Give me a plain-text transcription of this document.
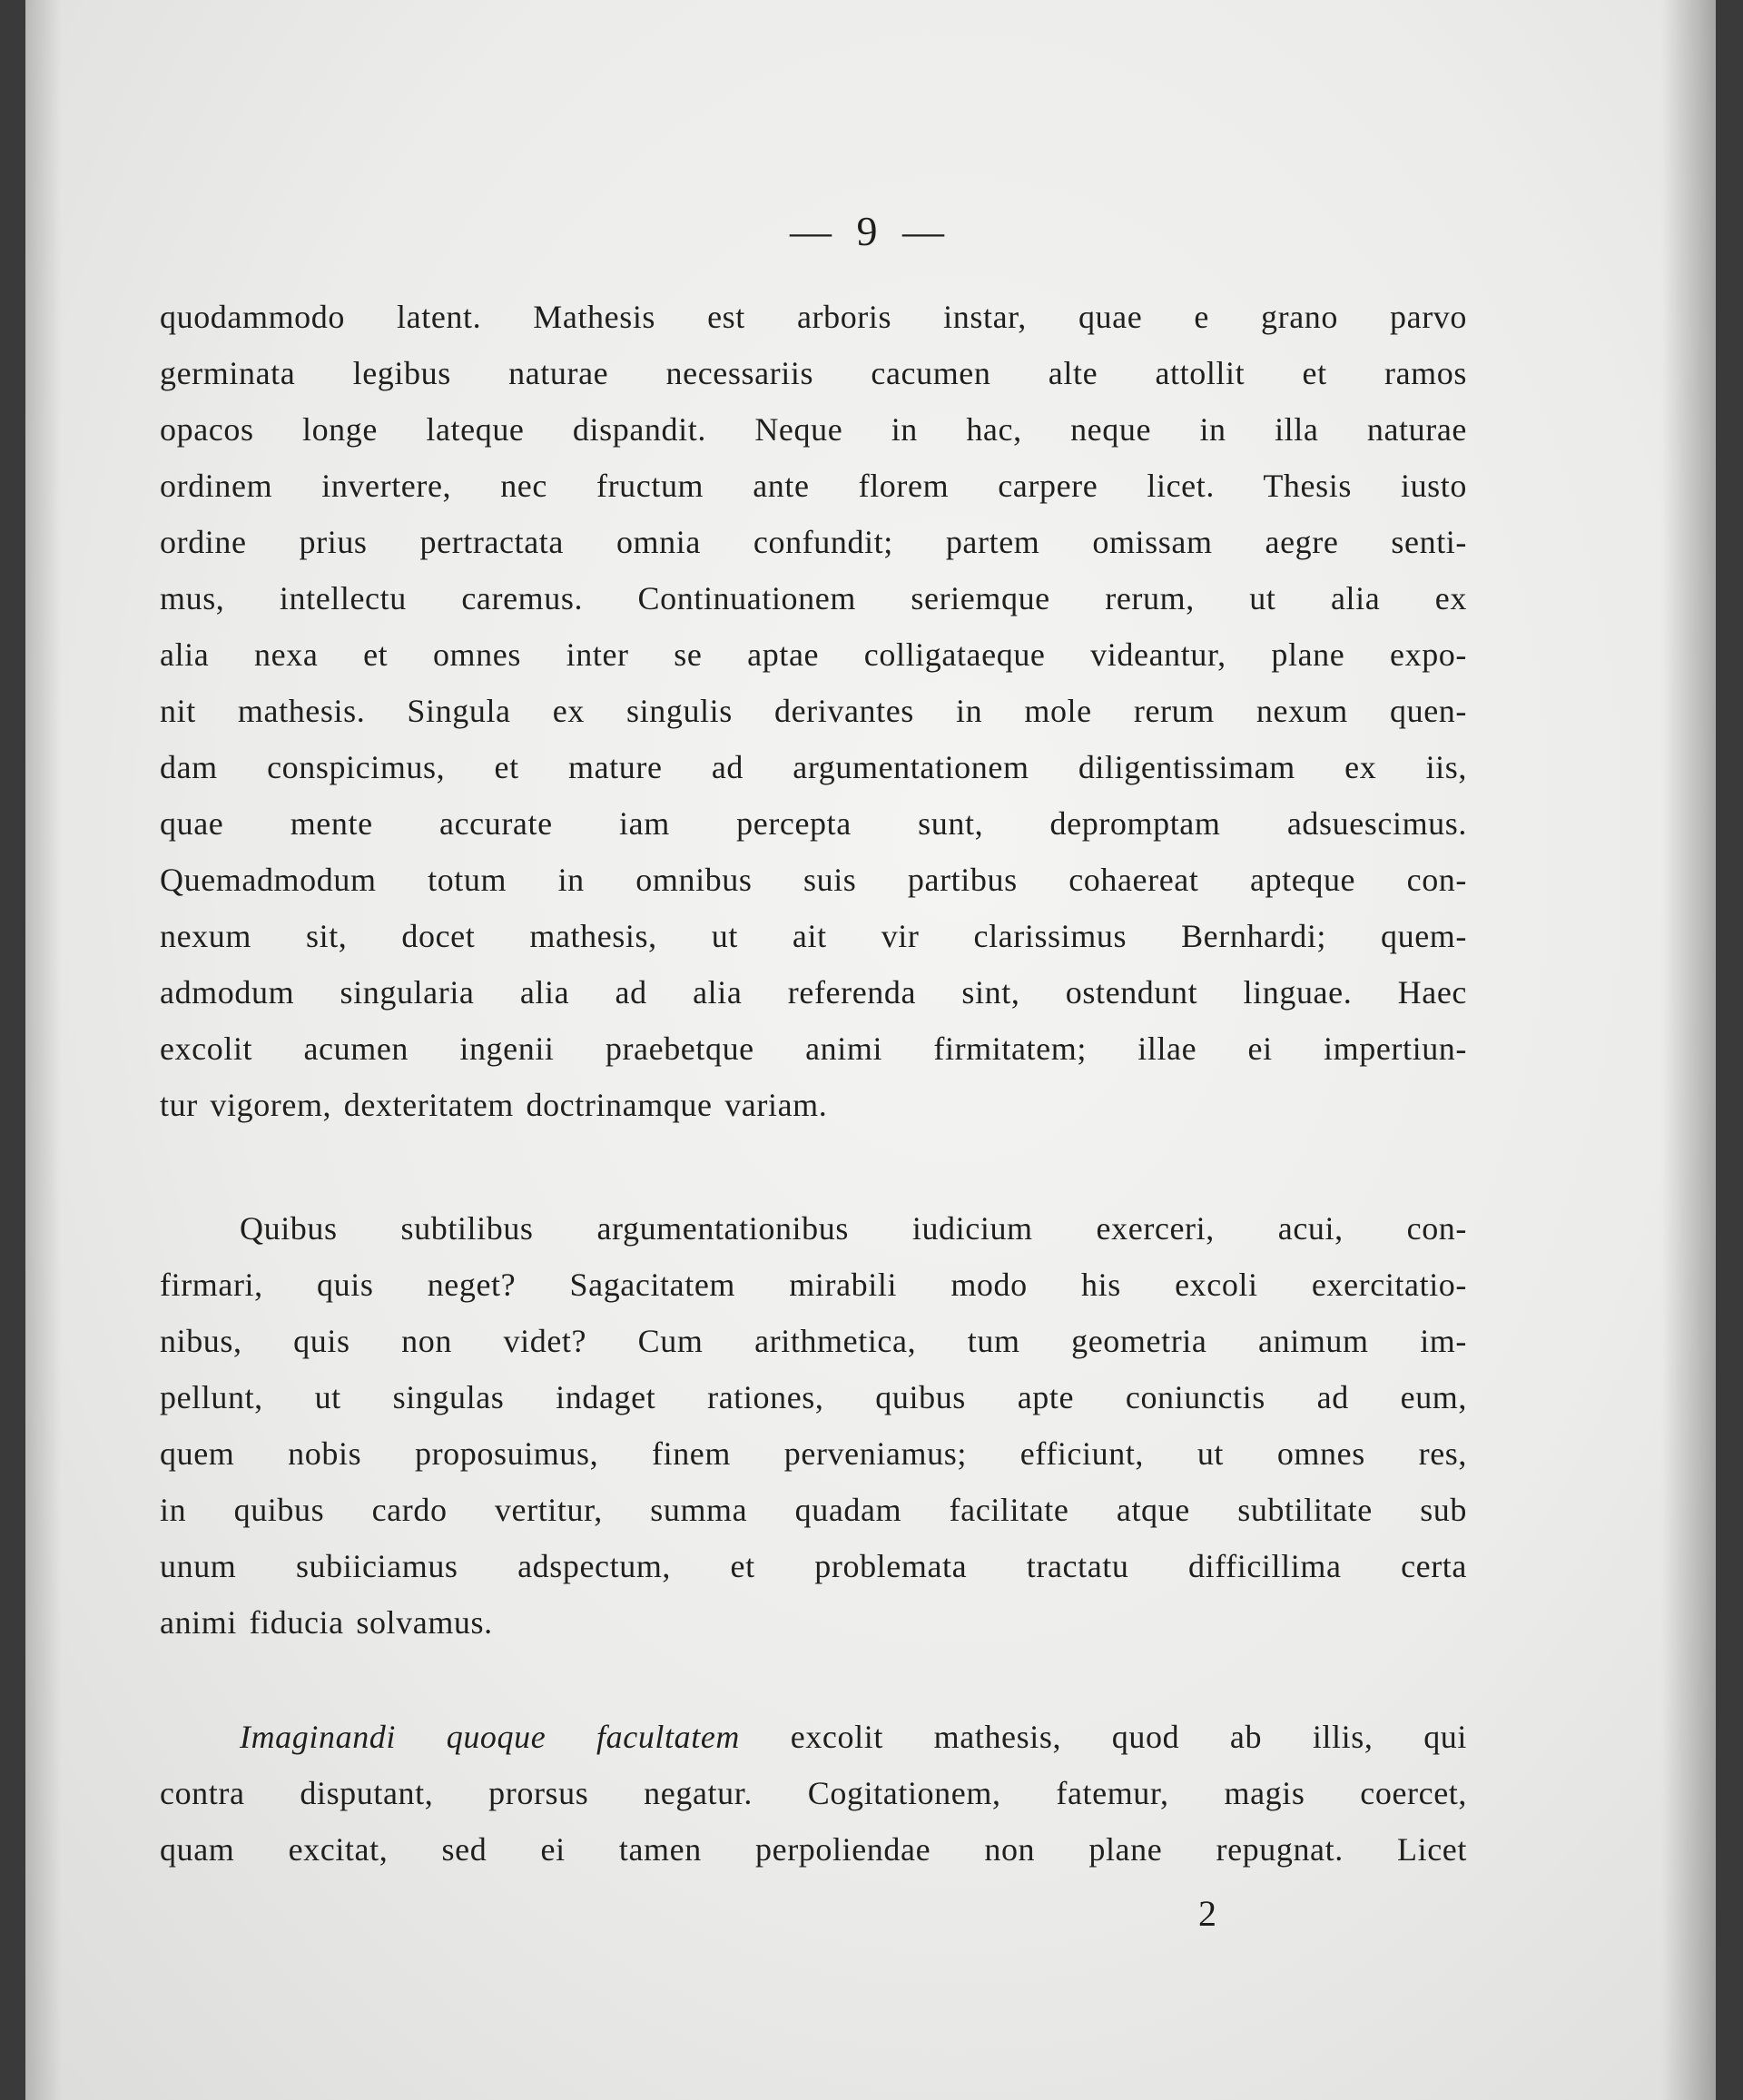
— 9 —
quodammodo latent. Mathesis est arboris instar, quae e grano parvo
germinata legibus naturae necessariis cacumen alte attollit et ramos
opacos longe lateque dispandit. Neque in hac, neque in illa naturae
ordinem invertere, nec fructum ante florem carpere licet. Thesis iusto
ordine prius pertractata omnia confundit; partem omissam aegre senti-
mus, intellectu caremus. Continuationem seriemque rerum, ut alia ex
alia nexa et omnes inter se aptae colligataeque videantur, plane expo-
nit mathesis. Singula ex singulis derivantes in mole rerum nexum quen-
dam conspicimus, et mature ad argumentationem diligentissimam ex iis,
quae mente accurate iam percepta sunt, depromptam adsuescimus.
Quemadmodum totum in omnibus suis partibus cohaereat apteque con-
nexum sit, docet mathesis, ut ait vir clarissimus Bernhardi; quem-
admodum singularia alia ad alia referenda sint, ostendunt linguae. Haec
excolit acumen ingenii praebetque animi firmitatem; illae ei impertiun-
tur vigorem, dexteritatem doctrinamque variam.
Quibus subtilibus argumentationibus iudicium exerceri, acui, con-
firmari, quis neget? Sagacitatem mirabili modo his excoli exercitatio-
nibus, quis non videt? Cum arithmetica, tum geometria animum im-
pellunt, ut singulas indaget rationes, quibus apte coniunctis ad eum,
quem nobis proposuimus, finem perveniamus; efficiunt, ut omnes res,
in quibus cardo vertitur, summa quadam facilitate atque subtilitate sub
unum subiiciamus adspectum, et problemata tractatu difficillima certa
animi fiducia solvamus.
Imaginandi quoque facultatem excolit mathesis, quod ab illis, qui
contra disputant, prorsus negatur. Cogitationem, fatemur, magis coercet,
quam excitat, sed ei tamen perpoliendae non plane repugnat. Licet
2
